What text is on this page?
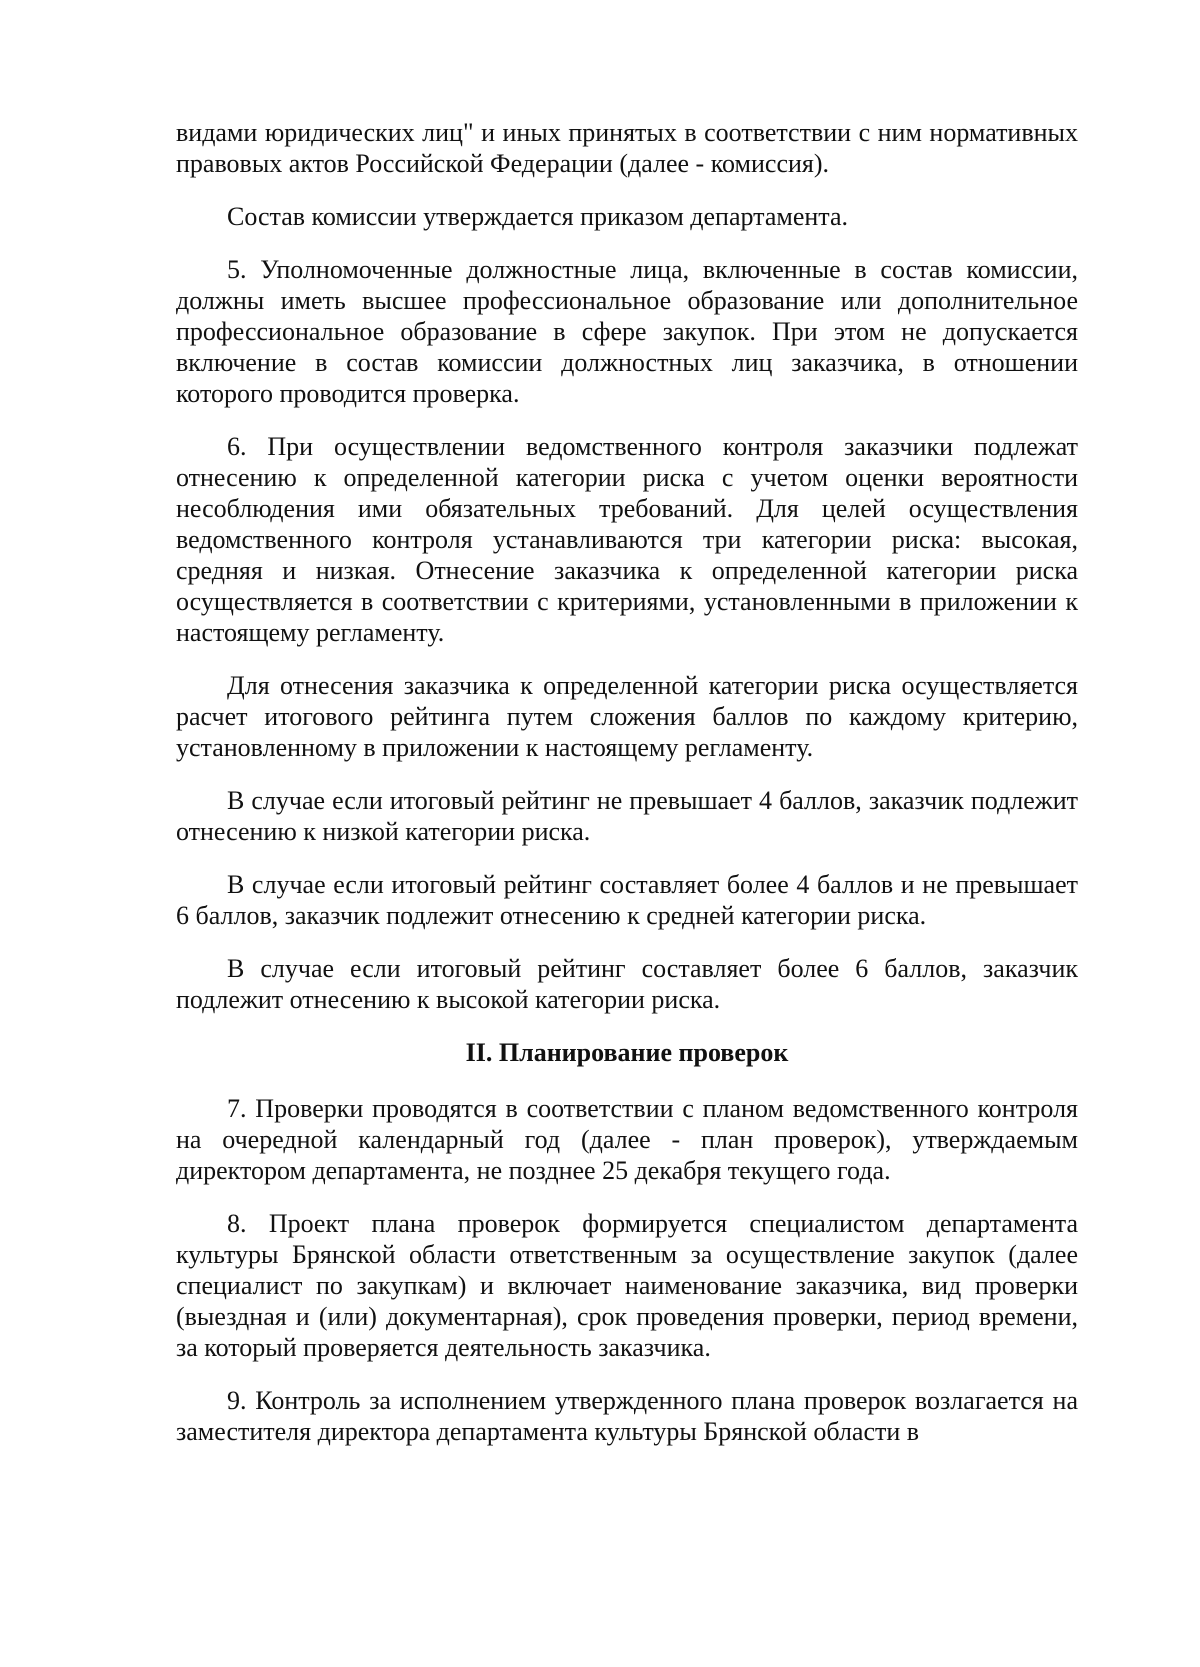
видами юридических лиц" и иных принятых в соответствии с ним нормативных правовых актов Российской Федерации (далее - комиссия).

Состав комиссии утверждается приказом департамента.

5. Уполномоченные должностные лица, включенные в состав комиссии, должны иметь высшее профессиональное образование или дополнительное профессиональное образование в сфере закупок. При этом не допускается включение в состав комиссии должностных лиц заказчика, в отношении которого проводится проверка.

6. При осуществлении ведомственного контроля заказчики подлежат отнесению к определенной категории риска с учетом оценки вероятности несоблюдения ими обязательных требований. Для целей осуществления ведомственного контроля устанавливаются три категории риска: высокая, средняя и низкая. Отнесение заказчика к определенной категории риска осуществляется в соответствии с критериями, установленными в приложении к настоящему регламенту.

Для отнесения заказчика к определенной категории риска осуществляется расчет итогового рейтинга путем сложения баллов по каждому критерию, установленному в приложении к настоящему регламенту.

В случае если итоговый рейтинг не превышает 4 баллов, заказчик подлежит отнесению к низкой категории риска.

В случае если итоговый рейтинг составляет более 4 баллов и не превышает 6 баллов, заказчик подлежит отнесению к средней категории риска.

В случае если итоговый рейтинг составляет более 6 баллов, заказчик подлежит отнесению к высокой категории риска.

II. Планирование проверок

7. Проверки проводятся в соответствии с планом ведомственного контроля на очередной календарный год (далее - план проверок), утверждаемым директором департамента, не позднее 25 декабря текущего года.

8. Проект плана проверок формируется специалистом департамента культуры Брянской области ответственным за осуществление закупок (далее специалист по закупкам) и включает наименование заказчика, вид проверки (выездная и (или) документарная), срок проведения проверки, период времени, за который проверяется деятельность заказчика.

9. Контроль за исполнением утвержденного плана проверок возлагается на заместителя директора департамента культуры Брянской области в
